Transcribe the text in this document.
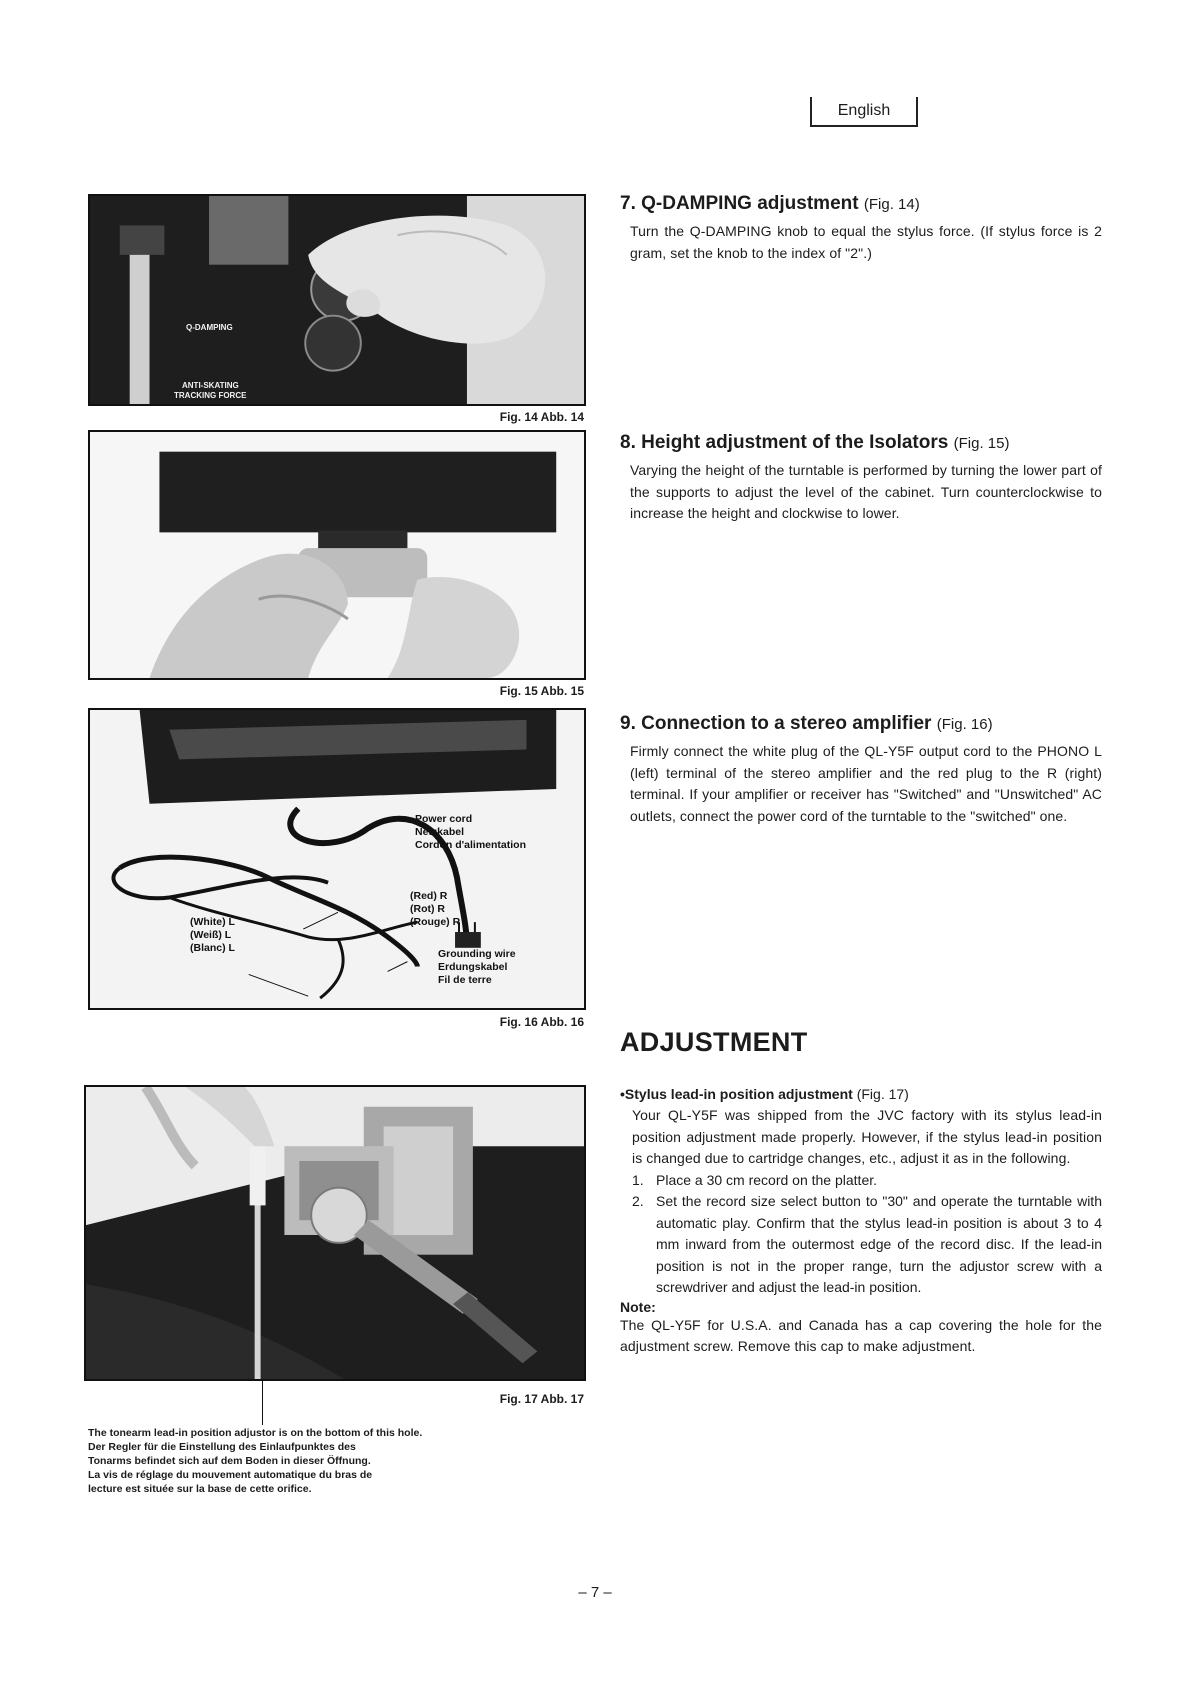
English
Q-DAMPING
ANTI-SKATING
TRACKING FORCE
Fig. 14 Abb. 14
Fig. 15 Abb. 15
Power cord
Netzkabel
Cordon d'alimentation
(Red) R
(Rot) R
(Rouge) R
(White) L
(Weiß) L
(Blanc) L	Grounding wire
Erdungskabel
Fil de terre
Fig. 16 Abb. 16
Fig. 17 Abb. 17
The tonearm lead-in position adjustor is on the bottom of this hole.
Der Regler für die Einstellung des Einlaufpunktes des
Tonarms befindet sich auf dem Boden in dieser Öffnung.
La vis de réglage du mouvement automatique du bras de
lecture est située sur la base de cette orifice.
7. Q-DAMPING adjustment (Fig. 14)
Turn the Q-DAMPING knob to equal the stylus force. (If stylus force is 2 gram, set the knob to the index of "2".)
8. Height adjustment of the Isolators (Fig. 15)
Varying the height of the turntable is performed by turning the lower part of the supports to adjust the level of the cabinet. Turn counterclockwise to increase the height and clockwise to lower.
9. Connection to a stereo amplifier (Fig. 16)
Firmly connect the white plug of the QL-Y5F output cord to the PHONO L (left) terminal of the stereo amplifier and the red plug to the R (right) terminal. If your amplifier or receiver has "Switched" and "Unswitched" AC outlets, connect the power cord of the turntable to the "switched" one.
ADJUSTMENT
•Stylus lead-in position adjustment (Fig. 17)
Your QL-Y5F was shipped from the JVC factory with its stylus lead-in position adjustment made properly. However, if the stylus lead-in position is changed due to cartridge changes, etc., adjust it as in the following.
1. Place a 30 cm record on the platter.
2. Set the record size select button to "30" and operate the turntable with automatic play. Confirm that the stylus lead-in position is about 3 to 4 mm inward from the outermost edge of the record disc. If the lead-in position is not in the proper range, turn the adjustor screw with a screwdriver and adjust the lead-in position.
Note:
The QL-Y5F for U.S.A. and Canada has a cap covering the hole for the adjustment screw. Remove this cap to make adjustment.
– 7 –
